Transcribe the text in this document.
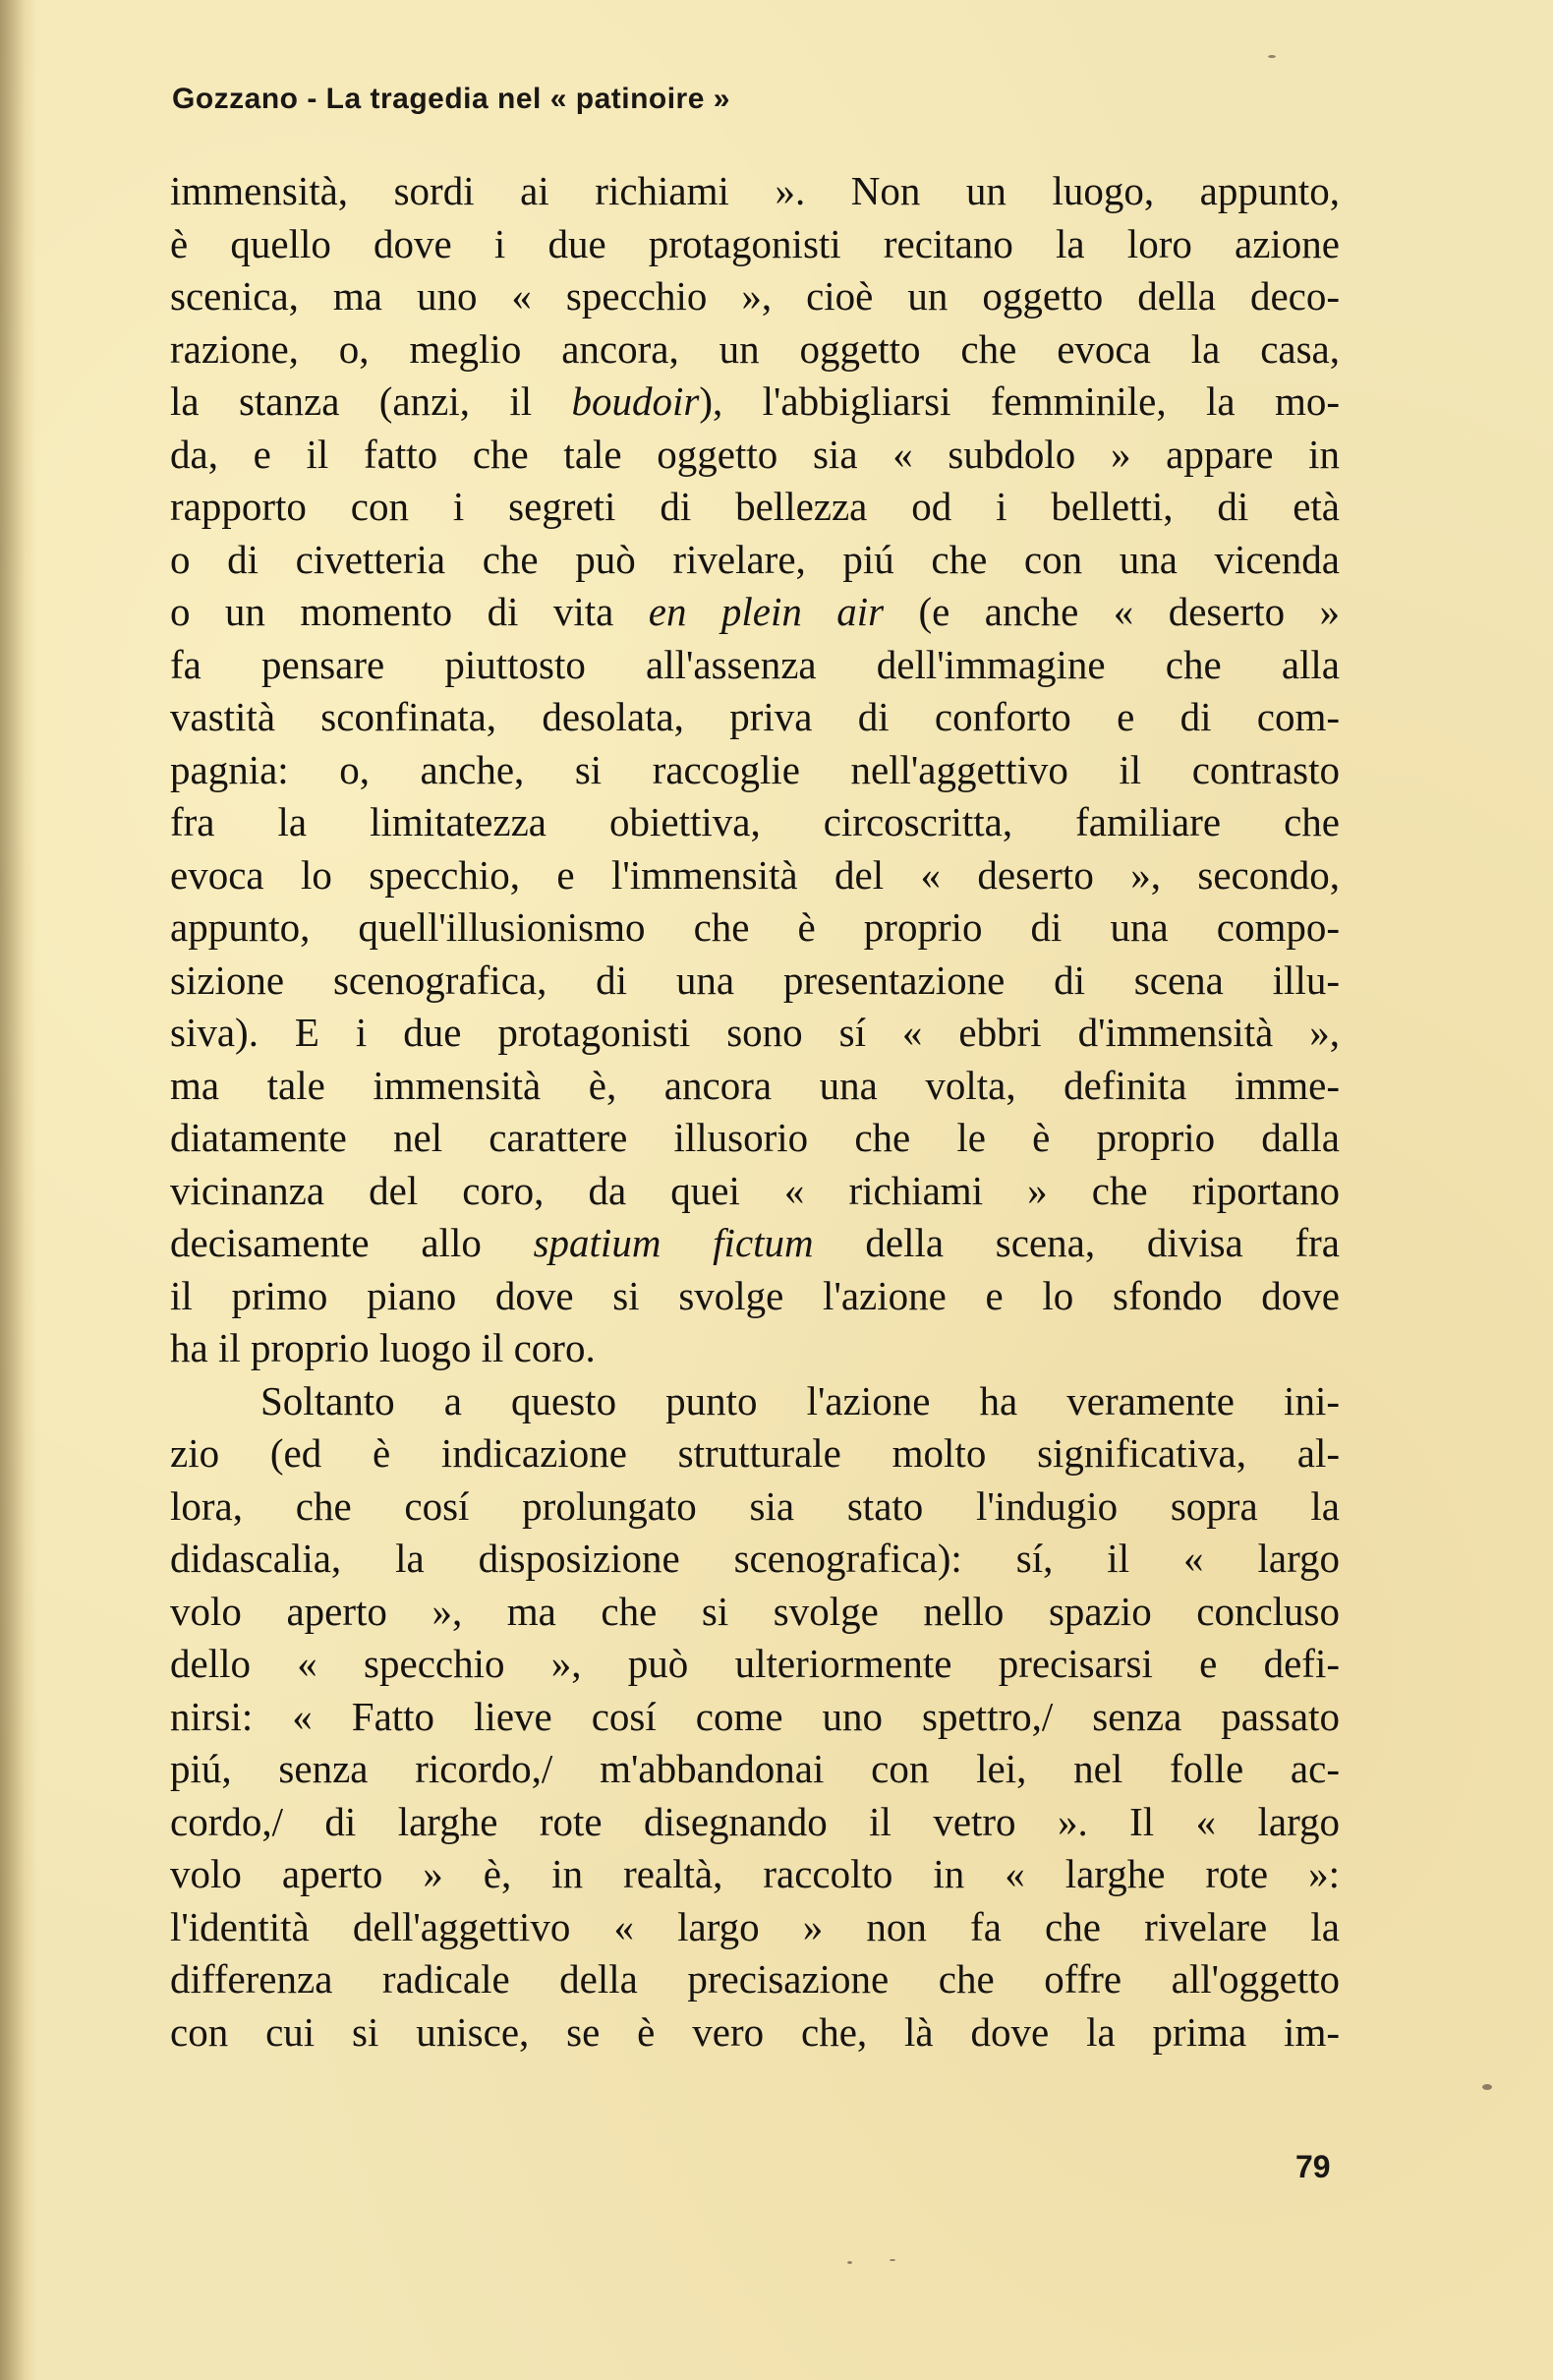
Gozzano - La tragedia nel « patinoire »
immensità, sordi ai richiami ». Non un luogo, appunto,
è quello dove i due protagonisti recitano la loro azione
scenica, ma uno « specchio », cioè un oggetto della deco-
razione, o, meglio ancora, un oggetto che evoca la casa,
la stanza (anzi, il boudoir), l'abbigliarsi femminile, la mo-
da, e il fatto che tale oggetto sia « subdolo » appare in
rapporto con i segreti di bellezza od i belletti, di età
o di civetteria che può rivelare, piú che con una vicenda
o un momento di vita en plein air (e anche « deserto »
fa pensare piuttosto all'assenza dell'immagine che alla
vastità sconfinata, desolata, priva di conforto e di com-
pagnia: o, anche, si raccoglie nell'aggettivo il contrasto
fra la limitatezza obiettiva, circoscritta, familiare che
evoca lo specchio, e l'immensità del « deserto », secondo,
appunto, quell'illusionismo che è proprio di una compo-
sizione scenografica, di una presentazione di scena illu-
siva). E i due protagonisti sono sí « ebbri d'immensità »,
ma tale immensità è, ancora una volta, definita imme-
diatamente nel carattere illusorio che le è proprio dalla
vicinanza del coro, da quei « richiami » che riportano
decisamente allo spatium fictum della scena, divisa fra
il primo piano dove si svolge l'azione e lo sfondo dove
ha il proprio luogo il coro.
Soltanto a questo punto l'azione ha veramente ini-
zio (ed è indicazione strutturale molto significativa, al-
lora, che cosí prolungato sia stato l'indugio sopra la
didascalia, la disposizione scenografica): sí, il « largo
volo aperto », ma che si svolge nello spazio concluso
dello « specchio », può ulteriormente precisarsi e defi-
nirsi: « Fatto lieve cosí come uno spettro,/ senza passato
piú, senza ricordo,/ m'abbandonai con lei, nel folle ac-
cordo,/ di larghe rote disegnando il vetro ». Il « largo
volo aperto » è, in realtà, raccolto in « larghe rote »:
l'identità dell'aggettivo « largo » non fa che rivelare la
differenza radicale della precisazione che offre all'oggetto
con cui si unisce, se è vero che, là dove la prima im-
79
